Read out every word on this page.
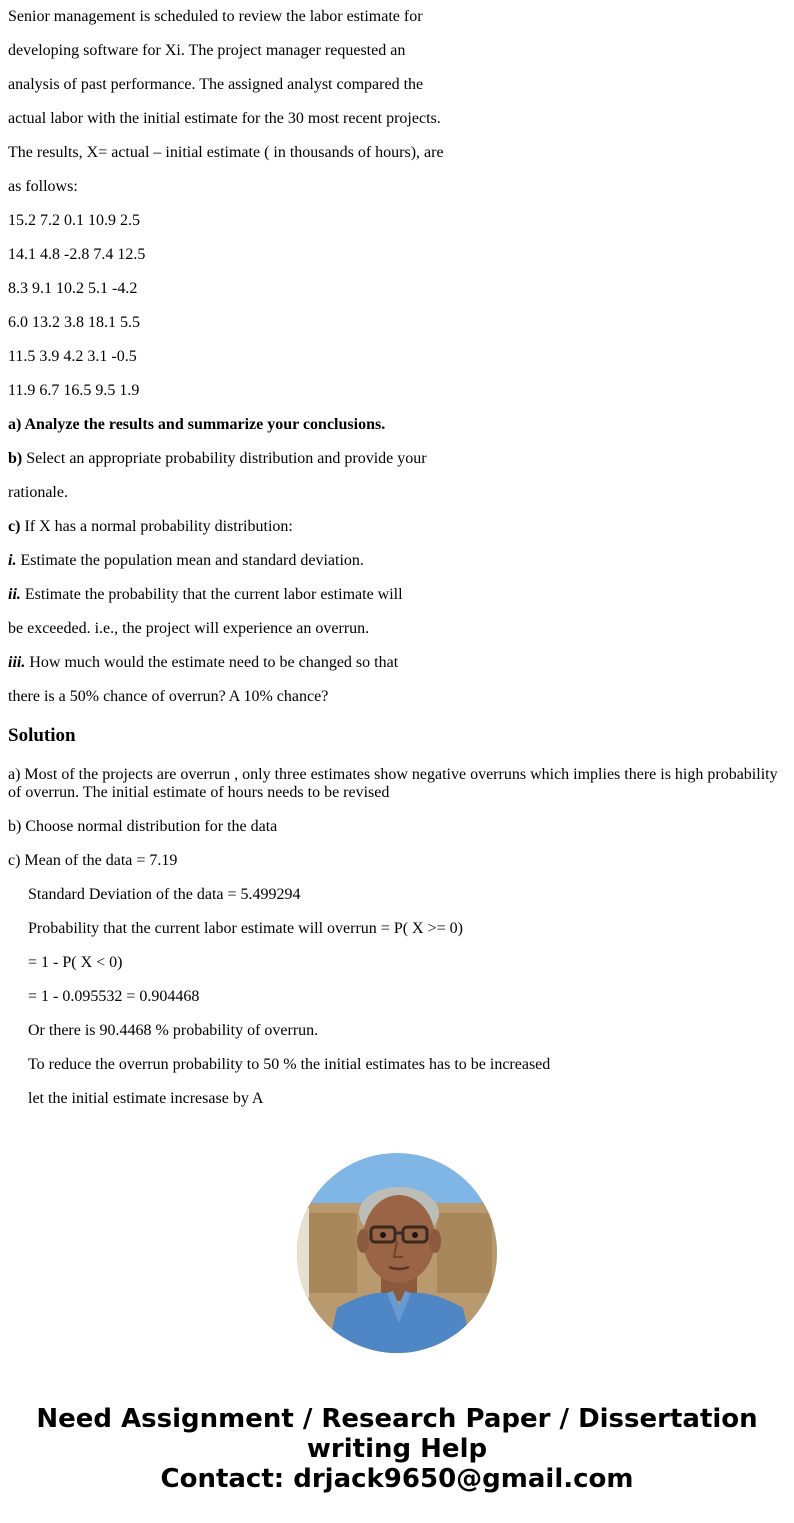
Senior management is scheduled to review the labor estimate for

developing software for Xi. The project manager requested an

analysis of past performance. The assigned analyst compared the

actual labor with the initial estimate for the 30 most recent projects.

The results, X= actual – initial estimate ( in thousands of hours), are

as follows:

15.2 7.2 0.1 10.9 2.5

14.1 4.8 -2.8 7.4 12.5

8.3 9.1 10.2 5.1 -4.2

6.0 13.2 3.8 18.1 5.5

11.5 3.9 4.2 3.1 -0.5

11.9 6.7 16.5 9.5 1.9

a) Analyze the results and summarize your conclusions.

b) Select an appropriate probability distribution and provide your

rationale.

c) If X has a normal probability distribution:

i. Estimate the population mean and standard deviation.

ii. Estimate the probability that the current labor estimate will

be exceeded. i.e., the project will experience an overrun.

iii. How much would the estimate need to be changed so that

there is a 50% chance of overrun? A 10% chance?

Solution

a) Most of the projects are overrun , only three estimates show negative overruns which implies there is high probability of overrun. The initial estimate of hours needs to be revised

b) Choose normal distribution for the data

c) Mean of the data = 7.19

Standard Deviation of the data = 5.499294

Probability that the current labor estimate will overrun = P( X >= 0)

= 1 - P( X < 0)

= 1 - 0.095532 = 0.904468

Or there is 90.4468 % probability of overrun.

To reduce the overrun probability to 50 % the initial estimates has to be increased

let the initial estimate incresase by A

Need Assignment / Research Paper / Dissertation
writing Help
Contact: drjack9650@gmail.com
